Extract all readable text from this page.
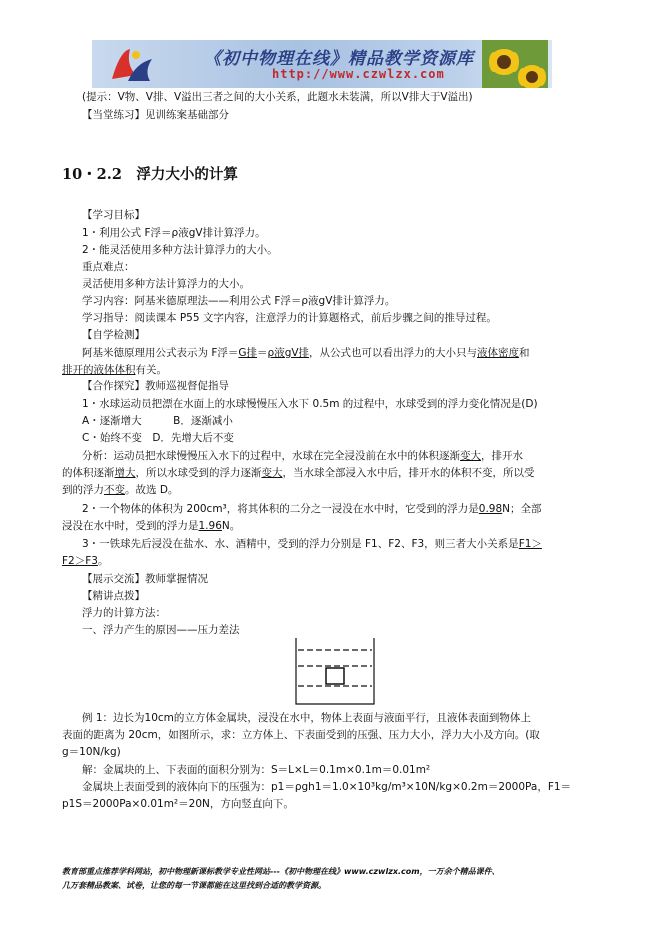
《初中物理在线》精品教学资源库
http://www.czwlzx.com
(提示：V物、V排、V溢出三者之间的大小关系，此题水未装满，所以V排大于V溢出)
【当堂练习】见训练案基础部分
10・2.2　浮力大小的计算
【学习目标】
1・利用公式 F浮＝ρ液gV排计算浮力。
2・能灵活使用多种方法计算浮力的大小。
重点难点：
灵活使用多种方法计算浮力的大小。
学习内容：阿基米德原理法——利用公式 F浮＝ρ液gV排计算浮力。
学习指导：阅读课本 P55 文字内容，注意浮力的计算题格式，前后步骤之间的推导过程。
【自学检测】
阿基米德原理用公式表示为 F浮＝G排＝ρ液gV排，从公式也可以看出浮力的大小只与液体密度和
排开的液体体积有关。
【合作探究】教师巡视督促指导
1・水球运动员把漂在水面上的水球慢慢压入水下 0.5m 的过程中，水球受到的浮力变化情况是(D)
A・逐渐增大　　　B．逐渐减小
C・始终不变　D．先增大后不变
分析：运动员把水球慢慢压入水下的过程中，水球在完全浸没前在水中的体积逐渐变大，排开水
的体积逐渐增大，所以水球受到的浮力逐渐变大，当水球全部浸入水中后，排开水的体积不变，所以受
到的浮力不变。故选 D。
2・一个物体的体积为 200cm³，将其体积的二分之一浸没在水中时，它受到的浮力是0.98N；全部
浸没在水中时，受到的浮力是1.96N。
3・一铁球先后浸没在盐水、水、酒精中，受到的浮力分别是 F1、F2、F3，则三者大小关系是F1＞
F2＞F3。
【展示交流】教师掌握情况
【精讲点拨】
浮力的计算方法：
一、浮力产生的原因——压力差法
例 1：边长为10cm的立方体金属块，浸没在水中，物体上表面与液面平行，且液体表面到物体上
表面的距离为 20cm，如图所示，求：立方体上、下表面受到的压强、压力大小，浮力大小及方向。(取
g＝10N/kg)
解：金属块的上、下表面的面积分别为：S＝L×L＝0.1m×0.1m＝0.01m²
金属块上表面受到的液体向下的压强为：p1＝ρgh1＝1.0×10³kg/m³×10N/kg×0.2m＝2000Pa，F1＝
p1S＝2000Pa×0.01m²＝20N，方向竖直向下。
教育部重点推荐学科网站，初中物理新课标教学专业性网站---《初中物理在线》www.czwlzx.com，一万余个精品课件、
几万套精品教案、试卷，让您的每一节课都能在这里找到合适的教学资源。
